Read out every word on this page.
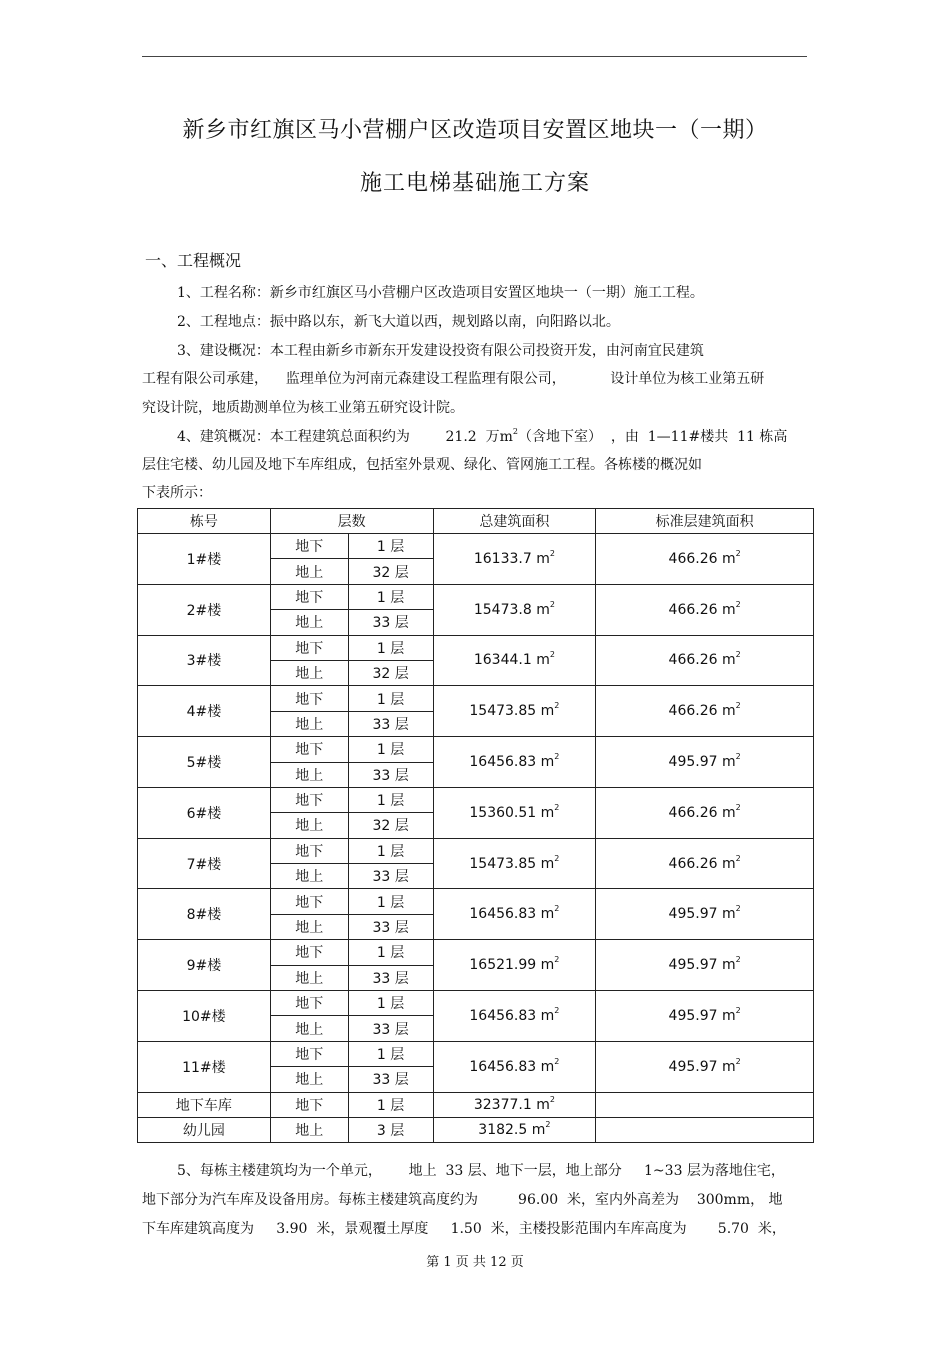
新乡市红旗区马小营棚户区改造项目安置区地块一（一期）
施工电梯基础施工方案
一、工程概况
1、工程名称：新乡市红旗区马小营棚户区改造项目安置区地块一（一期）施工工程。
2、工程地点：振中路以东，新飞大道以西，规划路以南，向阳路以北。
3、建设概况：本工程由新乡市新东开发建设投资有限公司投资开发，由河南宜民建筑
工程有限公司承建，    监理单位为河南元森建设工程监理有限公司，          设计单位为核工业第五研
究设计院，地质勘测单位为核工业第五研究设计院。
4、建筑概况：本工程建筑总面积约为        21.2  万$m^2$（含地下室）  ，由  1—11#楼共  11 栋高
层住宅楼、幼儿园及地下车库组成，包括室外景观、绿化、管网施工工程。各栋楼的概况如
下表所示：
栋号	层数		总建筑面积	标准层建筑面积
1#楼	地下	1 层	16133.7 $m^2$	466.26 $m^2$
	地上	32 层		
2#楼	地下	1 层	15473.8 $m^2$	466.26 $m^2$
	地上	33 层		
3#楼	地下	1 层	16344.1 $m^2$	466.26 $m^2$
	地上	32 层		
4#楼	地下	1 层	15473.85 $m^2$	466.26 $m^2$
	地上	33 层		
5#楼	地下	1 层	16456.83 $m^2$	495.97 $m^2$
	地上	33 层		
6#楼	地下	1 层	15360.51 $m^2$	466.26 $m^2$
	地上	32 层		
7#楼	地下	1 层	15473.85 $m^2$	466.26 $m^2$
	地上	33 层		
8#楼	地下	1 层	16456.83 $m^2$	495.97 $m^2$
	地上	33 层		
9#楼	地下	1 层	16521.99 $m^2$	495.97 $m^2$
	地上	33 层		
10#楼	地下	1 层	16456.83 $m^2$	495.97 $m^2$
	地上	33 层		
11#楼	地下	1 层	16456.83 $m^2$	495.97 $m^2$
	地上	33 层		
地下车库	地下	1 层	32377.1 $m^2$	
幼儿园	地上	3 层	3182.5 $m^2$	
5、每栋主楼建筑均为一个单元，      地上  33 层、地下一层，地上部分     1~33 层为落地住宅，
地下部分为汽车库及设备用房。每栋主楼建筑高度约为         96.00  米，室内外高差为    300mm， 地
下车库建筑高度为     3.90  米，景观覆土厚度     1.50  米，主楼投影范围内车库高度为       5.70  米，
第 1 页 共 12 页
